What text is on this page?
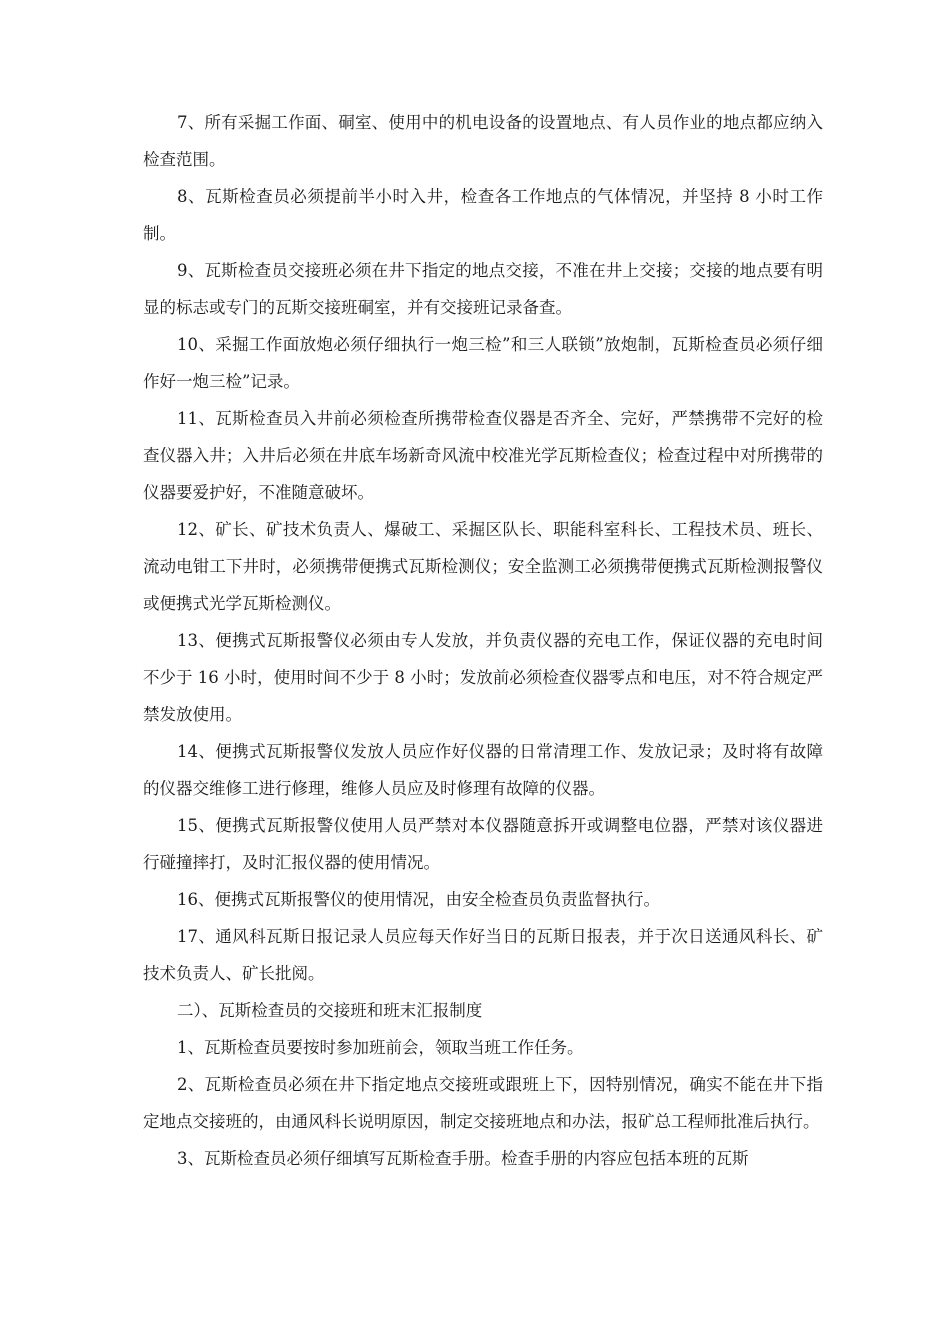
7、所有采掘工作面、硐室、使用中的机电设备的设置地点、有人员作业的地点都应纳入检查范围。

8、瓦斯检查员必须提前半小时入井，检查各工作地点的气体情况，并坚持 8 小时工作制。

9、瓦斯检查员交接班必须在井下指定的地点交接，不准在井上交接；交接的地点要有明显的标志或专门的瓦斯交接班硐室，并有交接班记录备查。

10、采掘工作面放炮必须仔细执行一炮三检”和三人联锁”放炮制，瓦斯检查员必须仔细作好一炮三检”记录。

11、瓦斯检查员入井前必须检查所携带检查仪器是否齐全、完好，严禁携带不完好的检查仪器入井；入井后必须在井底车场新奇风流中校准光学瓦斯检查仪；检查过程中对所携带的仪器要爱护好，不准随意破坏。

12、矿长、矿技术负责人、爆破工、采掘区队长、职能科室科长、工程技术员、班长、流动电钳工下井时，必须携带便携式瓦斯检测仪；安全监测工必须携带便携式瓦斯检测报警仪或便携式光学瓦斯检测仪。

13、便携式瓦斯报警仪必须由专人发放，并负责仪器的充电工作，保证仪器的充电时间不少于 16 小时，使用时间不少于 8 小时；发放前必须检查仪器零点和电压，对不符合规定严禁发放使用。

14、便携式瓦斯报警仪发放人员应作好仪器的日常清理工作、发放记录；及时将有故障的仪器交维修工进行修理，维修人员应及时修理有故障的仪器。

15、便携式瓦斯报警仪使用人员严禁对本仪器随意拆开或调整电位器，严禁对该仪器进行碰撞摔打，及时汇报仪器的使用情况。

16、便携式瓦斯报警仪的使用情况，由安全检查员负责监督执行。

17、通风科瓦斯日报记录人员应每天作好当日的瓦斯日报表，并于次日送通风科长、矿技术负责人、矿长批阅。

二）、瓦斯检查员的交接班和班末汇报制度

1、瓦斯检查员要按时参加班前会，领取当班工作任务。

2、瓦斯检查员必须在井下指定地点交接班或跟班上下，因特别情况，确实不能在井下指定地点交接班的，由通风科长说明原因，制定交接班地点和办法，报矿总工程师批准后执行。

3、瓦斯检查员必须仔细填写瓦斯检查手册。检查手册的内容应包括本班的瓦斯
